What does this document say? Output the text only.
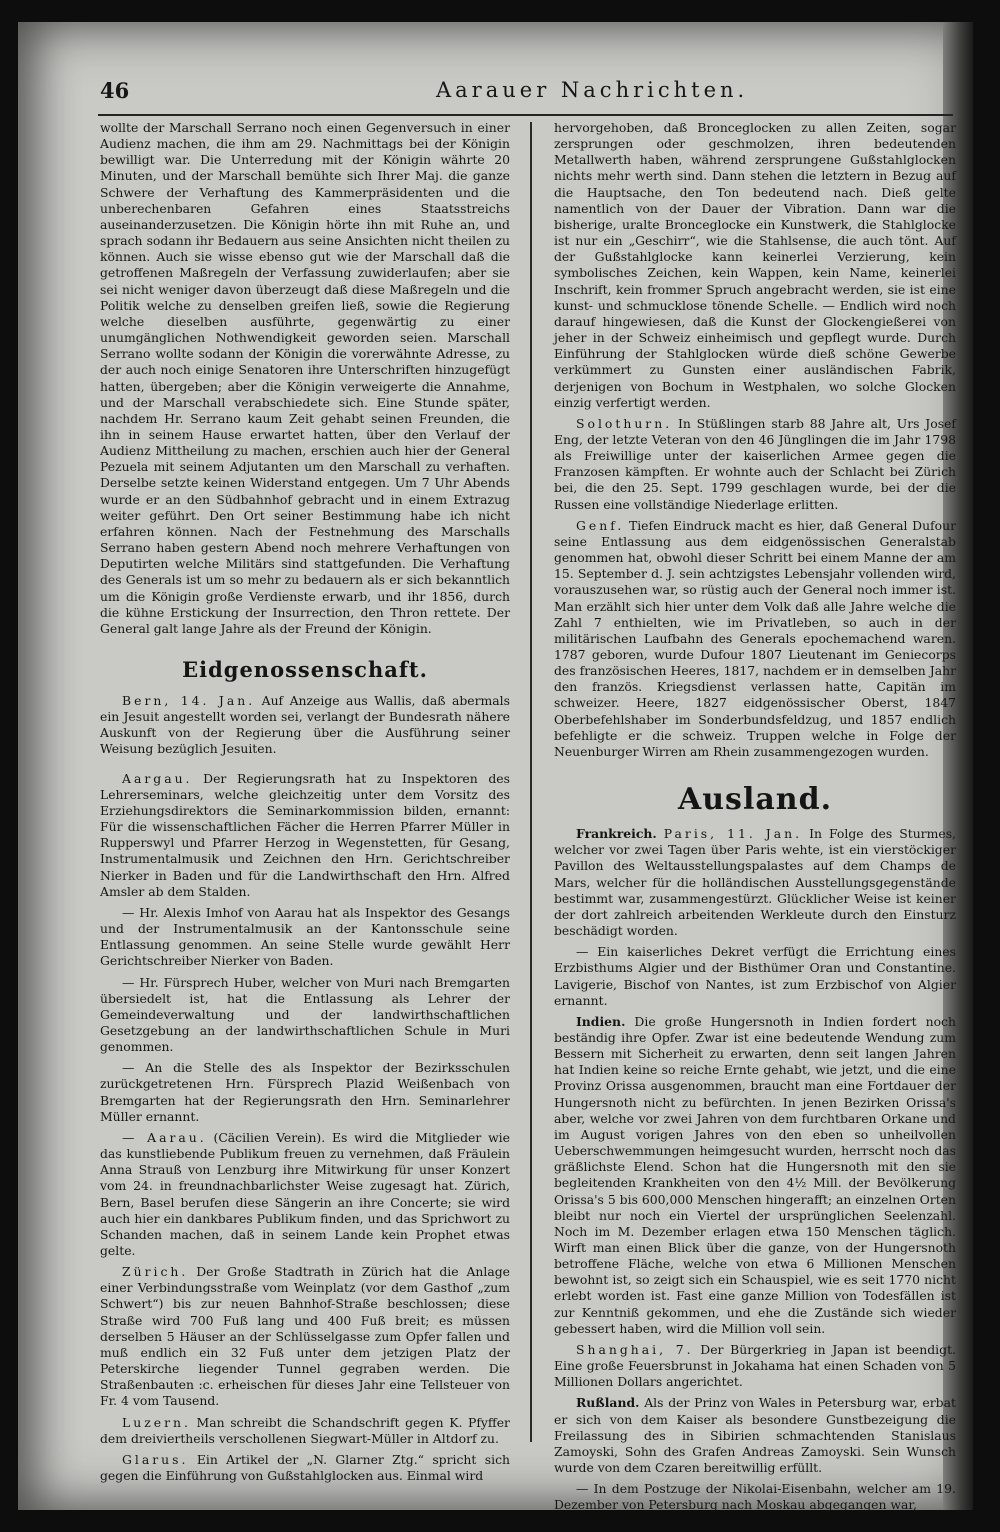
46	Aarauer Nachrichten.

wollte der Marschall Serrano noch einen Gegenversuch in einer Audienz machen, die ihm am 29. Nachmittags bei der Königin bewilligt war. Die Unterredung mit der Königin währte 20 Minuten, und der Marschall bemühte sich Ihrer Maj. die ganze Schwere der Verhaftung des Kammerpräsidenten und die unberechenbaren Gefahren eines Staatsstreichs auseinanderzusetzen. Die Königin hörte ihn mit Ruhe an, und sprach sodann ihr Bedauern aus seine Ansichten nicht theilen zu können. Auch sie wisse ebenso gut wie der Marschall daß die getroffenen Maßregeln der Verfassung zuwiderlaufen; aber sie sei nicht weniger davon überzeugt daß diese Maßregeln und die Politik welche zu denselben greifen ließ, sowie die Regierung welche dieselben ausführte, gegenwärtig zu einer unumgänglichen Nothwendigkeit geworden seien. Marschall Serrano wollte sodann der Königin die vorerwähnte Adresse, zu der auch noch einige Senatoren ihre Unterschriften hinzugefügt hatten, übergeben; aber die Königin verweigerte die Annahme, und der Marschall verabschiedete sich. Eine Stunde später, nachdem Hr. Serrano kaum Zeit gehabt seinen Freunden, die ihn in seinem Hause erwartet hatten, über den Verlauf der Audienz Mittheilung zu machen, erschien auch hier der General Pezuela mit seinem Adjutanten um den Marschall zu verhaften. Derselbe setzte keinen Widerstand entgegen. Um 7 Uhr Abends wurde er an den Südbahnhof gebracht und in einem Extrazug weiter geführt. Den Ort seiner Bestimmung habe ich nicht erfahren können. Nach der Festnehmung des Marschalls Serrano haben gestern Abend noch mehrere Verhaftungen von Deputirten welche Militärs sind stattgefunden. Die Verhaftung des Generals ist um so mehr zu bedauern als er sich bekanntlich um die Königin große Verdienste erwarb, und ihr 1856, durch die kühne Erstickung der Insurrection, den Thron rettete. Der General galt lange Jahre als der Freund der Königin.

Eidgenossenschaft.

Bern, 14. Jan. Auf Anzeige aus Wallis, daß abermals ein Jesuit angestellt worden sei, verlangt der Bundesrath nähere Auskunft von der Regierung über die Ausführung seiner Weisung bezüglich Jesuiten.

Aargau. Der Regierungsrath hat zu Inspektoren des Lehrerseminars, welche gleichzeitig unter dem Vorsitz des Erziehungsdirektors die Seminarkommission bilden, ernannt: Für die wissenschaftlichen Fächer die Herren Pfarrer Müller in Rupperswyl und Pfarrer Herzog in Wegenstetten, für Gesang, Instrumentalmusik und Zeichnen den Hrn. Gerichtschreiber Nierker in Baden und für die Landwirthschaft den Hrn. Alfred Amsler ab dem Stalden.

— Hr. Alexis Imhof von Aarau hat als Inspektor des Gesangs und der Instrumentalmusik an der Kantonsschule seine Entlassung genommen. An seine Stelle wurde gewählt Herr Gerichtschreiber Nierker von Baden.

— Hr. Fürsprech Huber, welcher von Muri nach Bremgarten übersiedelt ist, hat die Entlassung als Lehrer der Gemeindeverwaltung und der landwirthschaftlichen Gesetzgebung an der landwirthschaftlichen Schule in Muri genommen.

— An die Stelle des als Inspektor der Bezirksschulen zurückgetretenen Hrn. Fürsprech Plazid Weißenbach von Bremgarten hat der Regierungsrath den Hrn. Seminarlehrer Müller ernannt.

— Aarau. (Cäcilien Verein). Es wird die Mitglieder wie das kunstliebende Publikum freuen zu vernehmen, daß Fräulein Anna Strauß von Lenzburg ihre Mitwirkung für unser Konzert vom 24. in freundnachbarlichster Weise zugesagt hat. Zürich, Bern, Basel berufen diese Sängerin an ihre Concerte; sie wird auch hier ein dankbares Publikum finden, und das Sprichwort zu Schanden machen, daß in seinem Lande kein Prophet etwas gelte.

Zürich. Der Große Stadtrath in Zürich hat die Anlage einer Verbindungsstraße vom Weinplatz (vor dem Gasthof „zum Schwert“) bis zur neuen Bahnhof-Straße beschlossen; diese Straße wird 700 Fuß lang und 400 Fuß breit; es müssen derselben 5 Häuser an der Schlüsselgasse zum Opfer fallen und muß endlich ein 32 Fuß unter dem jetzigen Platz der Peterskirche liegender Tunnel gegraben werden. Die Straßenbauten :c. erheischen für dieses Jahr eine Tellsteuer von Fr. 4 vom Tausend.

Luzern. Man schreibt die Schandschrift gegen K. Pfyffer dem dreiviertheils verschollenen Siegwart-Müller in Altdorf zu.

Glarus. Ein Artikel der „N. Glarner Ztg.“ spricht sich gegen die Einführung von Gußstahlglocken aus. Einmal wird

hervorgehoben, daß Bronceglocken zu allen Zeiten, sogar zersprungen oder geschmolzen, ihren bedeutenden Metallwerth haben, während zersprungene Gußstahlglocken nichts mehr werth sind. Dann stehen die letztern in Bezug auf die Hauptsache, den Ton bedeutend nach. Dieß gelte namentlich von der Dauer der Vibration. Dann war die bisherige, uralte Bronceglocke ein Kunstwerk, die Stahlglocke ist nur ein „Geschirr“, wie die Stahlsense, die auch tönt. Auf der Gußstahlglocke kann keinerlei Verzierung, kein symbolisches Zeichen, kein Wappen, kein Name, keinerlei Inschrift, kein frommer Spruch angebracht werden, sie ist eine kunst- und schmucklose tönende Schelle. — Endlich wird noch darauf hingewiesen, daß die Kunst der Glockengießerei von jeher in der Schweiz einheimisch und gepflegt wurde. Durch Einführung der Stahlglocken würde dieß schöne Gewerbe verkümmert zu Gunsten einer ausländischen Fabrik, derjenigen von Bochum in Westphalen, wo solche Glocken einzig verfertigt werden.

Solothurn. In Stüßlingen starb 88 Jahre alt, Urs Josef Eng, der letzte Veteran von den 46 Jünglingen die im Jahr 1798 als Freiwillige unter der kaiserlichen Armee gegen die Franzosen kämpften. Er wohnte auch der Schlacht bei Zürich bei, die den 25. Sept. 1799 geschlagen wurde, bei der die Russen eine vollständige Niederlage erlitten.

Genf. Tiefen Eindruck macht es hier, daß General Dufour seine Entlassung aus dem eidgenössischen Generalstab genommen hat, obwohl dieser Schritt bei einem Manne der am 15. September d. J. sein achtzigstes Lebensjahr vollenden wird, vorauszusehen war, so rüstig auch der General noch immer ist. Man erzählt sich hier unter dem Volk daß alle Jahre welche die Zahl 7 enthielten, wie im Privatleben, so auch in der militärischen Laufbahn des Generals epochemachend waren. 1787 geboren, wurde Dufour 1807 Lieutenant im Geniecorps des französischen Heeres, 1817, nachdem er in demselben Jahr den französ. Kriegsdienst verlassen hatte, Capitän im schweizer. Heere, 1827 eidgenössischer Oberst, 1847 Oberbefehlshaber im Sonderbundsfeldzug, und 1857 endlich befehligte er die schweiz. Truppen welche in Folge der Neuenburger Wirren am Rhein zusammengezogen wurden.

Ausland.

Frankreich. Paris, 11. Jan. In Folge des Sturmes, welcher vor zwei Tagen über Paris wehte, ist ein vierstöckiger Pavillon des Weltausstellungspalastes auf dem Champs de Mars, welcher für die holländischen Ausstellungsgegenstände bestimmt war, zusammengestürzt. Glücklicher Weise ist keiner der dort zahlreich arbeitenden Werkleute durch den Einsturz beschädigt worden.

— Ein kaiserliches Dekret verfügt die Errichtung eines Erzbisthums Algier und der Bisthümer Oran und Constantine. Lavigerie, Bischof von Nantes, ist zum Erzbischof von Algier ernannt.

Indien. Die große Hungersnoth in Indien fordert noch beständig ihre Opfer. Zwar ist eine bedeutende Wendung zum Bessern mit Sicherheit zu erwarten, denn seit langen Jahren hat Indien keine so reiche Ernte gehabt, wie jetzt, und die eine Provinz Orissa ausgenommen, braucht man eine Fortdauer der Hungersnoth nicht zu befürchten. In jenen Bezirken Orissa's aber, welche vor zwei Jahren von dem furchtbaren Orkane und im August vorigen Jahres von den eben so unheilvollen Ueberschwemmungen heimgesucht wurden, herrscht noch das gräßlichste Elend. Schon hat die Hungersnoth mit den sie begleitenden Krankheiten von den 4½ Mill. der Bevölkerung Orissa's 5 bis 600,000 Menschen hingerafft; an einzelnen Orten bleibt nur noch ein Viertel der ursprünglichen Seelenzahl. Noch im M. Dezember erlagen etwa 150 Menschen täglich. Wirft man einen Blick über die ganze, von der Hungersnoth betroffene Fläche, welche von etwa 6 Millionen Menschen bewohnt ist, so zeigt sich ein Schauspiel, wie es seit 1770 nicht erlebt worden ist. Fast eine ganze Million von Todesfällen ist zur Kenntniß gekommen, und ehe die Zustände sich wieder gebessert haben, wird die Million voll sein.

Shanghai, 7. Der Bürgerkrieg in Japan ist beendigt. Eine große Feuersbrunst in Jokahama hat einen Schaden von 5 Millionen Dollars angerichtet.

Rußland. Als der Prinz von Wales in Petersburg war, erbat er sich von dem Kaiser als besondere Gunstbezeigung die Freilassung des in Sibirien schmachtenden Stanislaus Zamoyski, Sohn des Grafen Andreas Zamoyski. Sein Wunsch wurde von dem Czaren bereitwillig erfüllt.

— In dem Postzuge der Nikolai-Eisenbahn, welcher am 19. Dezember von Petersburg nach Moskau abgegangen war,
